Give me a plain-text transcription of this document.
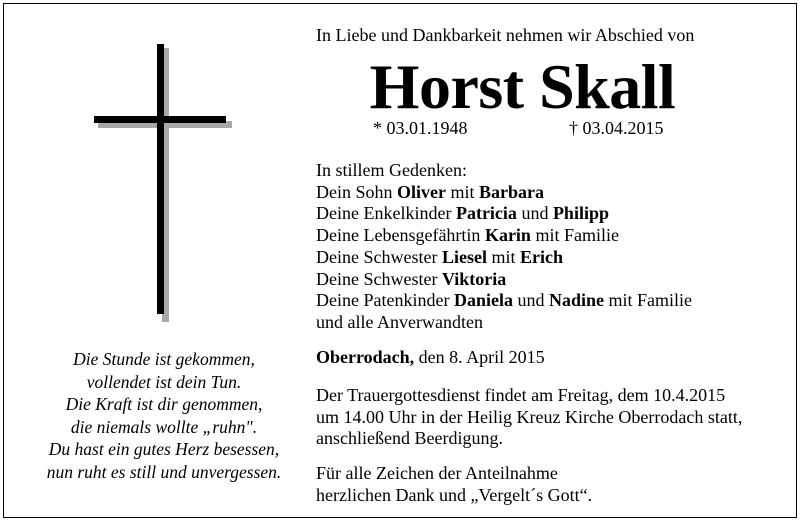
Die Stunde ist gekommen,
vollendet ist dein Tun.
Die Kraft ist dir genommen,
die niemals wollte „ruhn".
Du hast ein gutes Herz besessen,
nun ruht es still und unvergessen.
In Liebe und Dankbarkeit nehmen wir Abschied von
Horst Skall
* 03.01.1948	† 03.04.2015
In stillem Gedenken:
Dein Sohn Oliver mit Barbara
Deine Enkelkinder Patricia und Philipp
Deine Lebensgefährtin Karin mit Familie
Deine Schwester Liesel mit Erich
Deine Schwester Viktoria
Deine Patenkinder Daniela und Nadine mit Familie
und alle Anverwandten
Oberrodach, den 8. April 2015
Der Trauergottesdienst findet am Freitag, dem 10.4.2015
um 14.00 Uhr in der Heilig Kreuz Kirche Oberrodach statt,
anschließend Beerdigung.
Für alle Zeichen der Anteilnahme
herzlichen Dank und „Vergelt´s Gott“.
